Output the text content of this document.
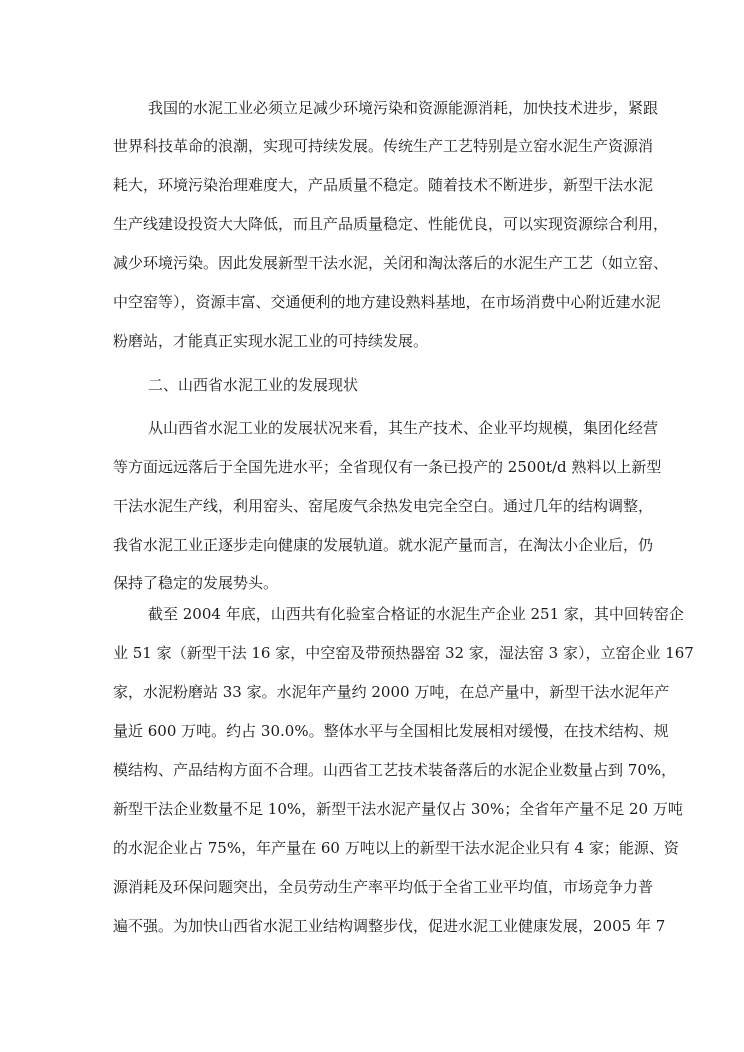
我国的水泥工业必须立足减少环境污染和资源能源消耗，加快技术进步，紧跟
世界科技革命的浪潮，实现可持续发展。传统生产工艺特别是立窑水泥生产资源消
耗大，环境污染治理难度大，产品质量不稳定。随着技术不断进步，新型干法水泥
生产线建设投资大大降低，而且产品质量稳定、性能优良，可以实现资源综合利用，
减少环境污染。因此发展新型干法水泥，关闭和淘汰落后的水泥生产工艺（如立窑、
中空窑等），资源丰富、交通便利的地方建设熟料基地，在市场消费中心附近建水泥
粉磨站，才能真正实现水泥工业的可持续发展。
二、山西省水泥工业的发展现状
从山西省水泥工业的发展状况来看，其生产技术、企业平均规模，集团化经营
等方面远远落后于全国先进水平；全省现仅有一条已投产的 2500t/d 熟料以上新型
干法水泥生产线，利用窑头、窑尾废气余热发电完全空白。通过几年的结构调整，
我省水泥工业正逐步走向健康的发展轨道。就水泥产量而言，在淘汰小企业后，仍
保持了稳定的发展势头。
截至 2004 年底，山西共有化验室合格证的水泥生产企业 251 家，其中回转窑企
业 51 家（新型干法 16 家，中空窑及带预热器窑 32 家，湿法窑 3 家），立窑企业 167
家，水泥粉磨站 33 家。水泥年产量约 2000 万吨，在总产量中，新型干法水泥年产
量近 600 万吨。约占 30.0%。整体水平与全国相比发展相对缓慢，在技术结构、规
模结构、产品结构方面不合理。山西省工艺技术装备落后的水泥企业数量占到 70%，
新型干法企业数量不足 10%，新型干法水泥产量仅占 30%；全省年产量不足 20 万吨
的水泥企业占 75%，年产量在 60 万吨以上的新型干法水泥企业只有 4 家；能源、资
源消耗及环保问题突出，全员劳动生产率平均低于全省工业平均值，市场竞争力普
遍不强。为加快山西省水泥工业结构调整步伐，促进水泥工业健康发展，2005 年 7
